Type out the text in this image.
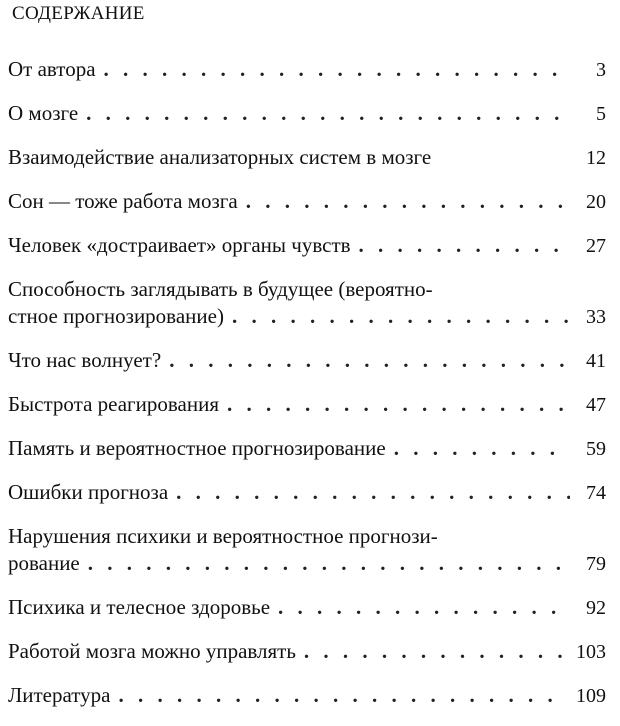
СОДЕРЖАНИЕ
От автора . . .	3
О мозге . . .	5
Взаимодействие анализаторных систем в мозге	12
Сон — тоже работа мозга . . .	20
Человек «достраивает» органы чувств . . .	27
Способность заглядывать в будущее (вероятно-
стное прогнозирование) . . .	33
Что нас волнует? . . .	41
Быстрота реагирования . . .	47
Память и вероятностное прогнозирование . . .	59
Ошибки прогноза . . .	74
Нарушения психики и вероятностное прогнози-
рование . . .	79
Психика и телесное здоровье . . .	92
Работой мозга можно управлять . . .	103
Литература . . .	109
